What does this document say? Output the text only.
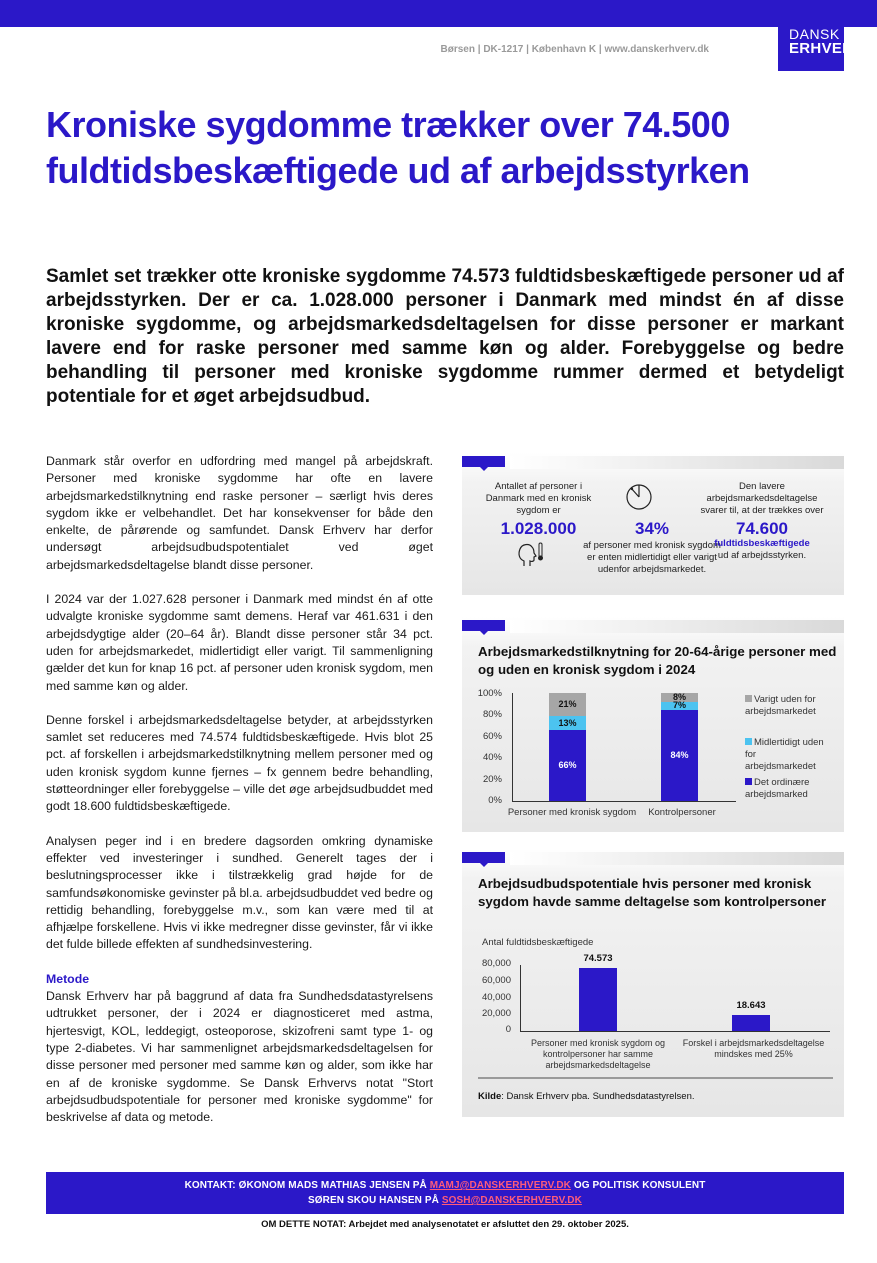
DANSK
ERHVERV
Børsen | DK-1217 | København K | www.danskerhverv.dk
Kroniske sygdomme trækker over 74.500 fuldtidsbeskæftigede ud af arbejdsstyrken
Samlet set trækker otte kroniske sygdomme 74.573 fuldtidsbeskæftigede personer ud af arbejdsstyrken. Der er ca. 1.028.000 personer i Danmark med mindst én af disse kroniske sygdomme, og arbejdsmarkedsdeltagelsen for disse personer er markant lavere end for raske personer med samme køn og alder. Forebyggelse og bedre behandling til personer med kroniske sygdomme rummer dermed et betydeligt potentiale for et øget arbejdsudbud.

Danmark står overfor en udfordring med mangel på arbejdskraft. Personer med kroniske sygdomme har ofte en lavere arbejdsmarkedstilknytning end raske personer – særligt hvis deres sygdom ikke er velbehandlet. Det har konsekvenser for både den enkelte, de pårørende og samfundet. Dansk Erhverv har derfor undersøgt arbejdsudbudspotentialet ved øget arbejdsmarkedsdeltagelse blandt disse personer.

I 2024 var der 1.027.628 personer i Danmark med mindst én af otte udvalgte kroniske sygdomme samt demens. Heraf var 461.631 i den arbejdsdygtige alder (20–64 år). Blandt disse personer står 34 pct. uden for arbejdsmarkedet, midlertidigt eller varigt. Til sammenligning gælder det kun for knap 16 pct. af personer uden kronisk sygdom, men med samme køn og alder.

Denne forskel i arbejdsmarkedsdeltagelse betyder, at arbejdsstyrken samlet set reduceres med 74.574 fuldtidsbeskæftigede. Hvis blot 25 pct. af forskellen i arbejdsmarkedstilknytning mellem personer med og uden kronisk sygdom kunne fjernes – fx gennem bedre behandling, støtteordninger eller forebyggelse – ville det øge arbejdsudbuddet med godt 18.600 fuldtidsbeskæftigede.

Analysen peger ind i en bredere dagsorden omkring dynamiske effekter ved investeringer i sundhed. Generelt tages der i beslutningsprocesser ikke i tilstrækkelig grad højde for de samfundsøkonomiske gevinster på bl.a. arbejdsudbuddet ved bedre og rettidig behandling, forebyggelse m.v., som kan være med til at afhjælpe forskellene. Hvis vi ikke medregner disse gevinster, får vi ikke det fulde billede effekten af sundhedsinvestering.

Metode

Dansk Erhverv har på baggrund af data fra Sundhedsdatastyrelsens udtrukket personer, der i 2024 er diagnosticeret med astma, hjertesvigt, KOL, leddegigt, osteoporose, skizofreni samt type 1- og type 2-diabetes. Vi har sammenlignet arbejdsmarkedsdeltagelsen for disse personer med personer med samme køn og alder, som ikke har en af de kroniske sygdomme. Se Dansk Erhvervs notat "Stort arbejdsudbudspotentiale for personer med kroniske sygdomme" for beskrivelse af data og metode.

Antallet af personer i Danmark med en kronisk sygdom er
1.028.000	34%
af personer med kronisk sygdom er enten midlertidigt eller varigt udenfor arbejdsmarkedet.
Den lavere arbejdsmarkedsdeltagelse svarer til, at der trækkes over
74.600
fuldtidsbeskæftigede
ud af arbejdsstyrken.
Arbejdsmarkedstilknytning for 20-64-årige personer med og uden en kronisk sygdom i 2024
100%
80%
60%
40%
20%
0%
21%
13%
66%
8%
7%
84%
Personer med kronisk sygdom	Kontrolpersoner
Varigt uden for arbejdsmarkedet
Midlertidigt uden for arbejdsmarkedet
Det ordinære arbejdsmarked
Arbejdsudbudspotentiale hvis personer med kronisk sygdom havde samme deltagelse som kontrolpersoner
Antal fuldtidsbeskæftigede
80,000
60,000
40,000
20,000
0
74.573
18.643
Personer med kronisk sygdom og kontrolpersoner har samme arbejdsmarkedsdeltagelse
Forskel i arbejdsmarkedsdeltagelse mindskes med 25%
Kilde: Dansk Erhverv pba. Sundhedsdatastyrelsen.
KONTAKT: ØKONOM MADS MATHIAS JENSEN PÅ MAMJ@DANSKERHVERV.DK OG POLITISK KONSULENT
SØREN SKOU HANSEN PÅ SOSH@DANSKERHVERV.DK
OM DETTE NOTAT: Arbejdet med analysenotatet er afsluttet den 29. oktober 2025.
